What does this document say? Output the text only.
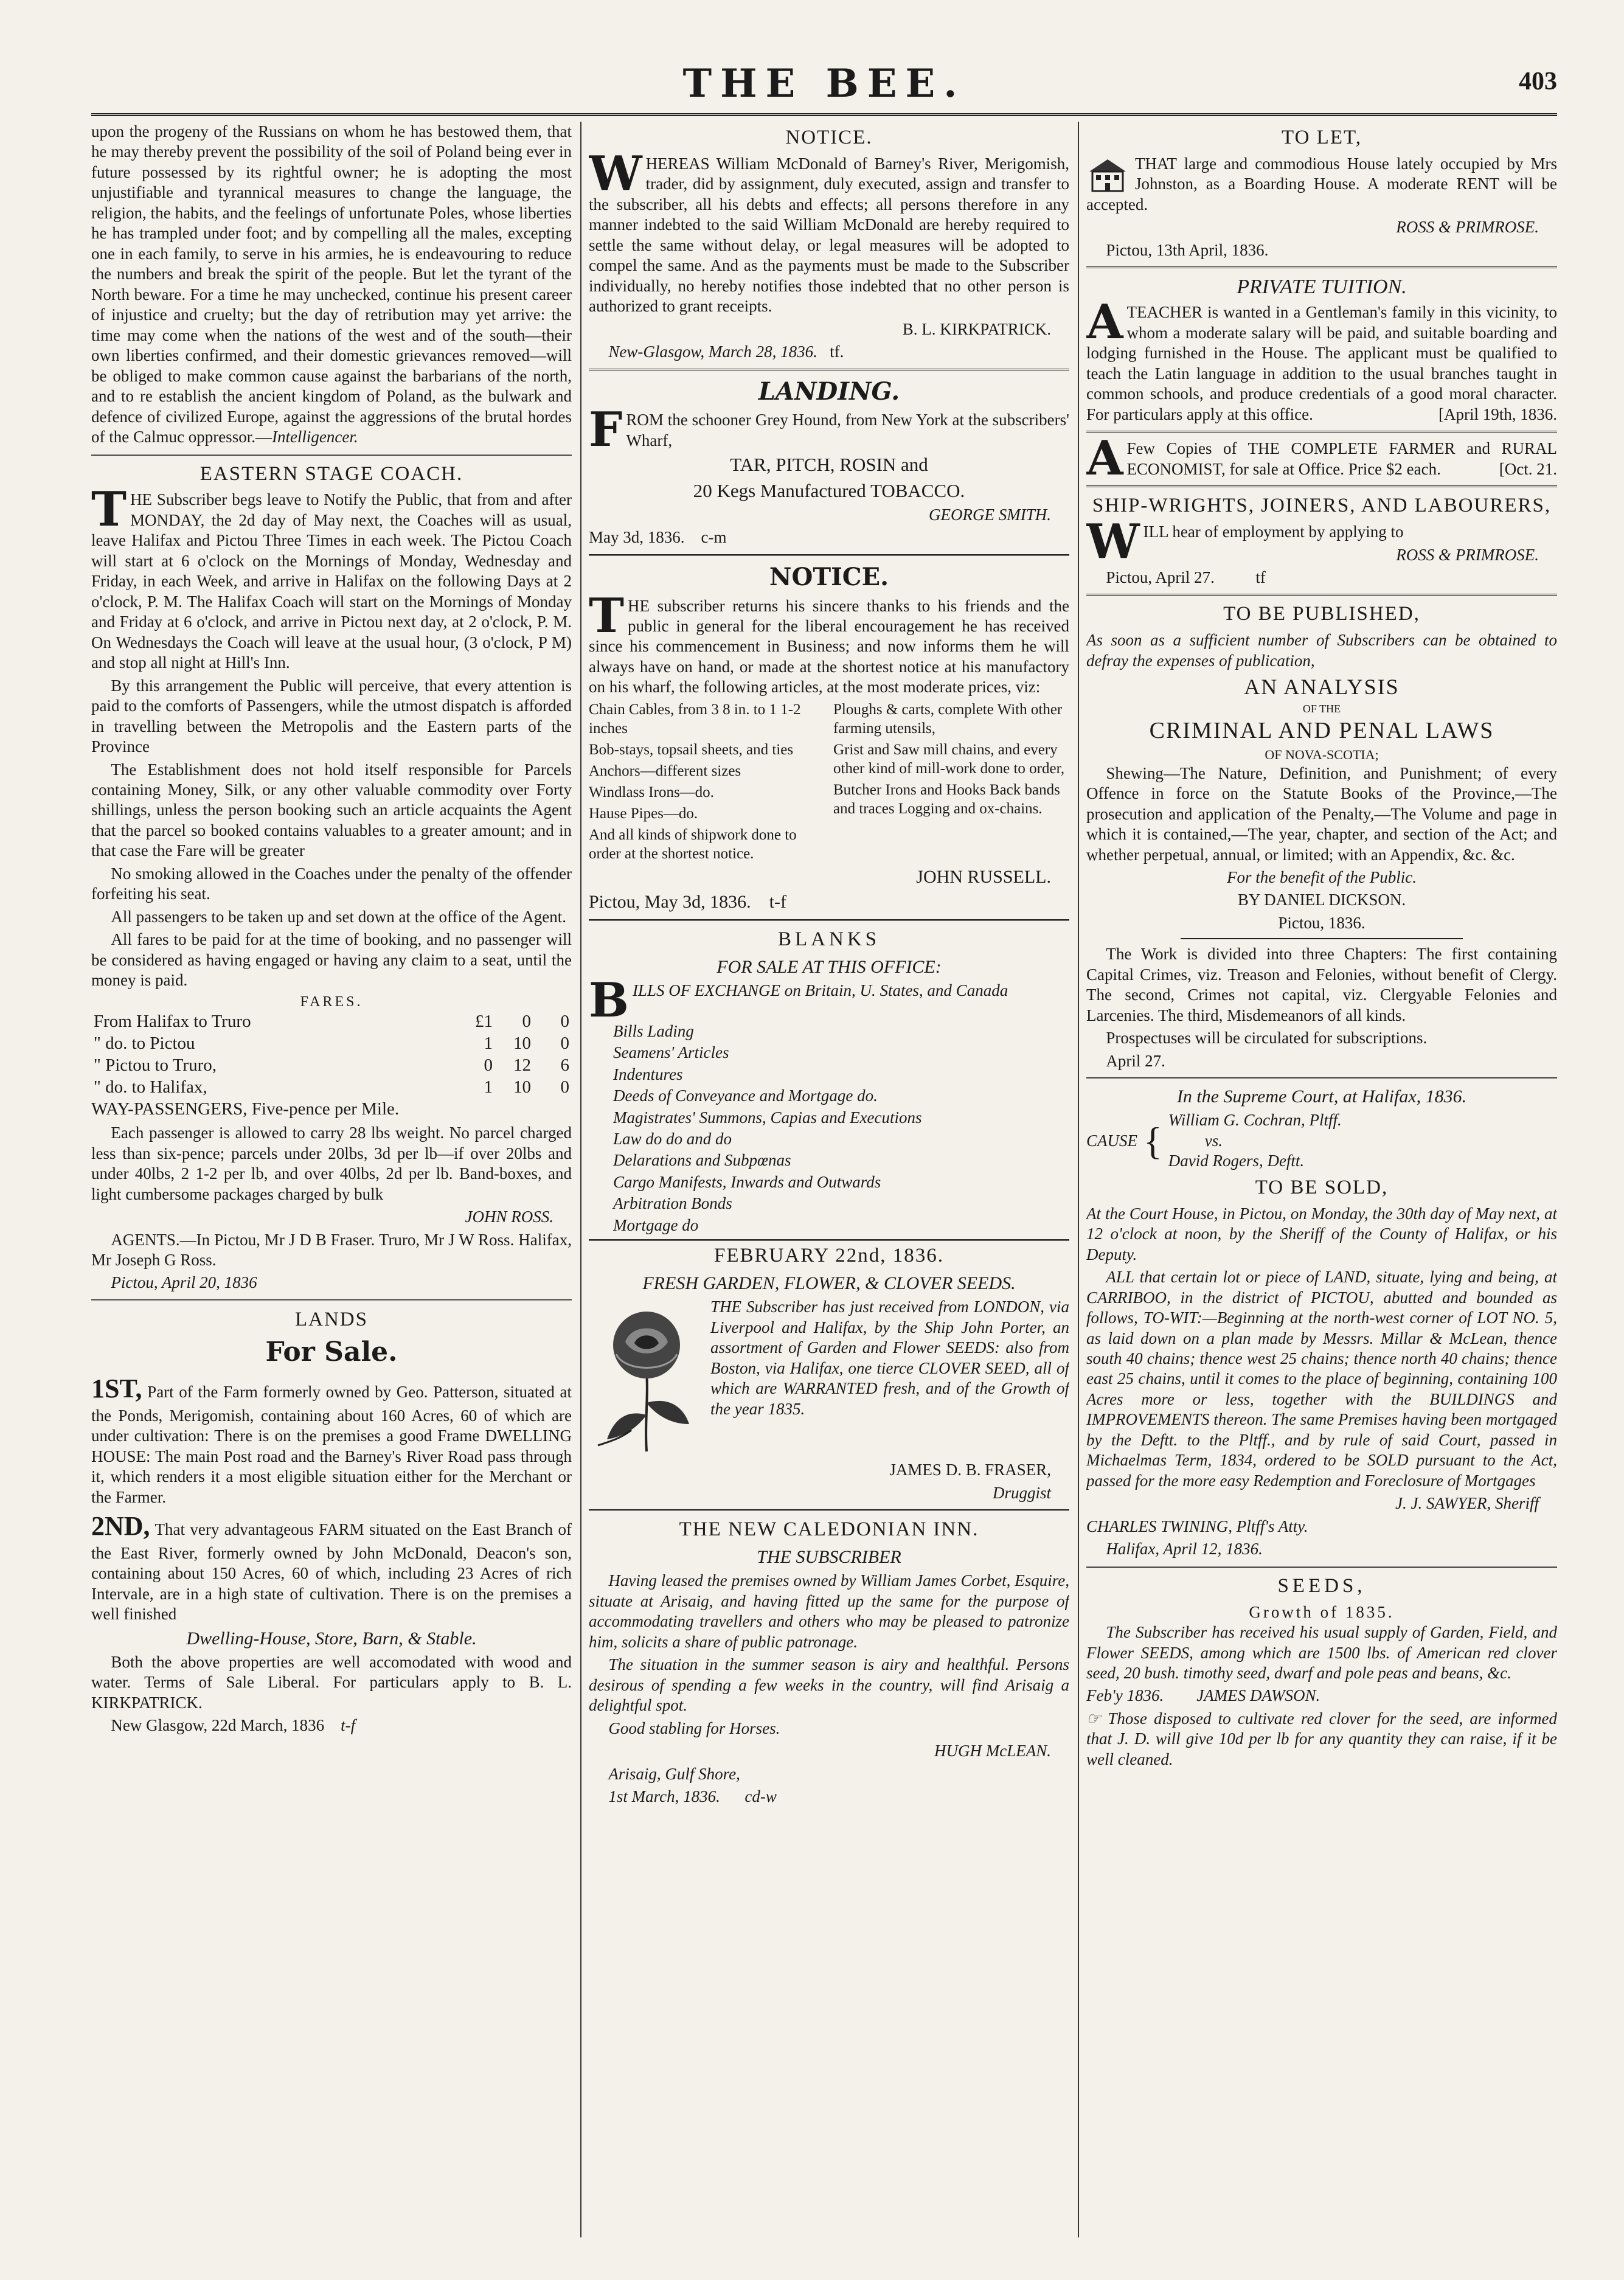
THE BEE.	403

upon the progeny of the Russians on whom he has bestowed them, that he may thereby prevent the possibility of the soil of Poland being ever in future possessed by its rightful owner; he is adopting the most unjustifiable and tyrannical measures to change the language, the religion, the habits, and the feelings of unfortunate Poles, whose liberties he has trampled under foot; and by compelling all the males, excepting one in each family, to serve in his armies, he is endeavouring to reduce the numbers and break the spirit of the people. But let the tyrant of the North beware. For a time he may unchecked, continue his present career of injustice and cruelty; but the day of retribution may yet arrive: the time may come when the nations of the west and of the south—their own liberties confirmed, and their domestic grievances removed—will be obliged to make common cause against the barbarians of the north, and to re establish the ancient kingdom of Poland, as the bulwark and defence of civilized Europe, against the aggressions of the brutal hordes of the Calmuc oppressor.—Intelligencer.

EASTERN STAGE COACH.

THE Subscriber begs leave to Notify the Public, that from and after MONDAY, the 2d day of May next, the Coaches will as usual, leave Halifax and Pictou Three Times in each week. The Pictou Coach will start at 6 o'clock on the Mornings of Monday, Wednesday and Friday, in each Week, and arrive in Halifax on the following Days at 2 o'clock, P. M. The Halifax Coach will start on the Mornings of Monday and Friday at 6 o'clock, and arrive in Pictou next day, at 2 o'clock, P. M. On Wednesdays the Coach will leave at the usual hour, (3 o'clock, P M) and stop all night at Hill's Inn.

By this arrangement the Public will perceive, that every attention is paid to the comforts of Passengers, while the utmost dispatch is afforded in travelling between the Metropolis and the Eastern parts of the Province

The Establishment does not hold itself responsible for Parcels containing Money, Silk, or any other valuable commodity over Forty shillings, unless the person booking such an article acquaints the Agent that the parcel so booked contains valuables to a greater amount; and in that case the Fare will be greater

No smoking allowed in the Coaches under the penalty of the offender forfeiting his seat.

All passengers to be taken up and set down at the office of the Agent.

All fares to be paid for at the time of booking, and no passenger will be considered as having engaged or having any claim to a seat, until the money is paid.

FARES.
From Halifax to Truro	£1	0	0
" do. to Pictou	1	10	0
" Pictou to Truro,	0	12	6
" do. to Halifax,	1	10	0

WAY-PASSENGERS, Five-pence per Mile.

Each passenger is allowed to carry 28 lbs weight. No parcel charged less than six-pence; parcels under 20lbs, 3d per lb—if over 20lbs and under 40lbs, 2 1-2 per lb, and over 40lbs, 2d per lb. Band-boxes, and light cumbersome packages charged by bulk

JOHN ROSS.

AGENTS.—In Pictou, Mr J D B Fraser. Truro, Mr J W Ross. Halifax, Mr Joseph G Ross.

Pictou, April 20, 1836

LANDS
For Sale.

1ST, Part of the Farm formerly owned by Geo. Patterson, situated at the Ponds, Merigomish, containing about 160 Acres, 60 of which are under cultivation: There is on the premises a good Frame DWELLING HOUSE: The main Post road and the Barney's River Road pass through it, which renders it a most eligible situation either for the Merchant or the Farmer.

2ND, That very advantageous FARM situated on the East Branch of the East River, formerly owned by John McDonald, Deacon's son, containing about 150 Acres, 60 of which, including 23 Acres of rich Intervale, are in a high state of cultivation. There is on the premises a well finished

Dwelling-House, Store, Barn, & Stable.

Both the above properties are well accomodated with wood and water. Terms of Sale Liberal. For particulars apply to B. L. KIRKPATRICK.

New Glasgow, 22d March, 1836 t-f

NOTICE.

WHEREAS William McDonald of Barney's River, Merigomish, trader, did by assignment, duly executed, assign and transfer to the subscriber, all his debts and effects; all persons therefore in any manner indebted to the said William McDonald are hereby required to settle the same without delay, or legal measures will be adopted to compel the same. And as the payments must be made to the Subscriber individually, no hereby notifies those indebted that no other person is authorized to grant receipts.

B. L. KIRKPATRICK.

New-Glasgow, March 28, 1836. tf.

LANDING.

FROM the schooner Grey Hound, from New York at the subscribers' Wharf,

TAR, PITCH, ROSIN and

20 Kegs Manufactured TOBACCO.

GEORGE SMITH.

May 3d, 1836. c-m

NOTICE.

THE subscriber returns his sincere thanks to his friends and the public in general for the liberal encouragement he has received since his commencement in Business; and now informs them he will always have on hand, or made at the shortest notice at his manufactory on his wharf, the following articles, at the most moderate prices, viz:

Chain Cables, from 3 8 in. to 1 1-2 inches

Bob-stays, topsail sheets, and ties

Anchors—different sizes

Windlass Irons—do.

Hause Pipes—do.

And all kinds of shipwork done to order at the shortest notice.

Ploughs & carts, complete With other farming utensils,

Grist and Saw mill chains, and every other kind of mill-work done to order,

Butcher Irons and Hooks Back bands and traces Logging and ox-chains.

JOHN RUSSELL.

Pictou, May 3d, 1836. t-f

BLANKS
FOR SALE AT THIS OFFICE:

BILLS OF EXCHANGE on Britain, U. States, and Canada

Bills Lading

Seamens' Articles

Indentures

Deeds of Conveyance and Mortgage do.

Magistrates' Summons, Capias and Executions

Law do do and do

Delarations and Subpœnas

Cargo Manifests, Inwards and Outwards

Arbitration Bonds

Mortgage do

FEBRUARY 22nd, 1836.
FRESH GARDEN, FLOWER, & CLOVER SEEDS.

THE Subscriber has just received from LONDON, via Liverpool and Halifax, by the Ship John Porter, an assortment of Garden and Flower SEEDS: also from Boston, via Halifax, one tierce CLOVER SEED, all of which are WARRANTED fresh, and of the Growth of the year 1835.

JAMES D. B. FRASER,

Druggist

THE NEW CALEDONIAN INN.
THE SUBSCRIBER

Having leased the premises owned by William James Corbet, Esquire, situate at Arisaig, and having fitted up the same for the purpose of accommodating travellers and others who may be pleased to patronize him, solicits a share of public patronage.

The situation in the summer season is airy and healthful. Persons desirous of spending a few weeks in the country, will find Arisaig a delightful spot.

Good stabling for Horses.

HUGH McLEAN.

Arisaig, Gulf Shore,

1st March, 1836. cd-w

TO LET,

THAT large and commodious House lately occupied by Mrs Johnston, as a Boarding House. A moderate RENT will be accepted.

ROSS & PRIMROSE.

Pictou, 13th April, 1836.

PRIVATE TUITION.

ATEACHER is wanted in a Gentleman's family in this vicinity, to whom a moderate salary will be paid, and suitable boarding and lodging furnished in the House. The applicant must be qualified to teach the Latin language in addition to the usual branches taught in common schools, and produce credentials of a good moral character. For particulars apply at this office.	[April 19th, 1836.

A Few Copies of THE COMPLETE FARMER and RURAL ECONOMIST, for sale at Office. Price $2 each.	[Oct. 21.

SHIP-WRIGHTS, JOINERS, AND LABOURERS,

WILL hear of employment by applying to

ROSS & PRIMROSE.

Pictou, April 27.	tf

TO BE PUBLISHED,

As soon as a sufficient number of Subscribers can be obtained to defray the expenses of publication,

AN ANALYSIS
OF THE
CRIMINAL AND PENAL LAWS
OF NOVA-SCOTIA;

Shewing—The Nature, Definition, and Punishment; of every Offence in force on the Statute Books of the Province,—The prosecution and application of the Penalty,—The Volume and page in which it is contained,—The year, chapter, and section of the Act; and whether perpetual, annual, or limited; with an Appendix, &c. &c.

For the benefit of the Public.

BY DANIEL DICKSON.

Pictou, 1836.

The Work is divided into three Chapters: The first containing Capital Crimes, viz. Treason and Felonies, without benefit of Clergy. The second, Crimes not capital, viz. Clergyable Felonies and Larcenies. The third, Misdemeanors of all kinds.

Prospectuses will be circulated for subscriptions.

April 27.

In the Supreme Court, at Halifax, 1836.
CAUSE { William G. Cochran, Pltff.
vs.
David Rogers, Deftt.
TO BE SOLD,

At the Court House, in Pictou, on Monday, the 30th day of May next, at 12 o'clock at noon, by the Sheriff of the County of Halifax, or his Deputy.

ALL that certain lot or piece of LAND, situate, lying and being, at CARRIBOO, in the district of PICTOU, abutted and bounded as follows, TO-WIT:—Beginning at the north-west corner of LOT NO. 5, as laid down on a plan made by Messrs. Millar & McLean, thence south 40 chains; thence west 25 chains; thence north 40 chains; thence east 25 chains, until it comes to the place of beginning, containing 100 Acres more or less, together with the BUILDINGS and IMPROVEMENTS thereon. The same Premises having been mortgaged by the Deftt. to the Pltff., and by rule of said Court, passed in Michaelmas Term, 1834, ordered to be SOLD pursuant to the Act, passed for the more easy Redemption and Foreclosure of Mortgages

J. J. SAWYER, Sheriff

CHARLES TWINING, Pltff's Atty.

Halifax, April 12, 1836.

SEEDS,
Growth of 1835.

The Subscriber has received his usual supply of Garden, Field, and Flower SEEDS, among which are 1500 lbs. of American red clover seed, 20 bush. timothy seed, dwarf and pole peas and beans, &c.

Feb'y 1836. JAMES DAWSON.

☞ Those disposed to cultivate red clover for the seed, are informed that J. D. will give 10d per lb for any quantity they can raise, if it be well cleaned.
